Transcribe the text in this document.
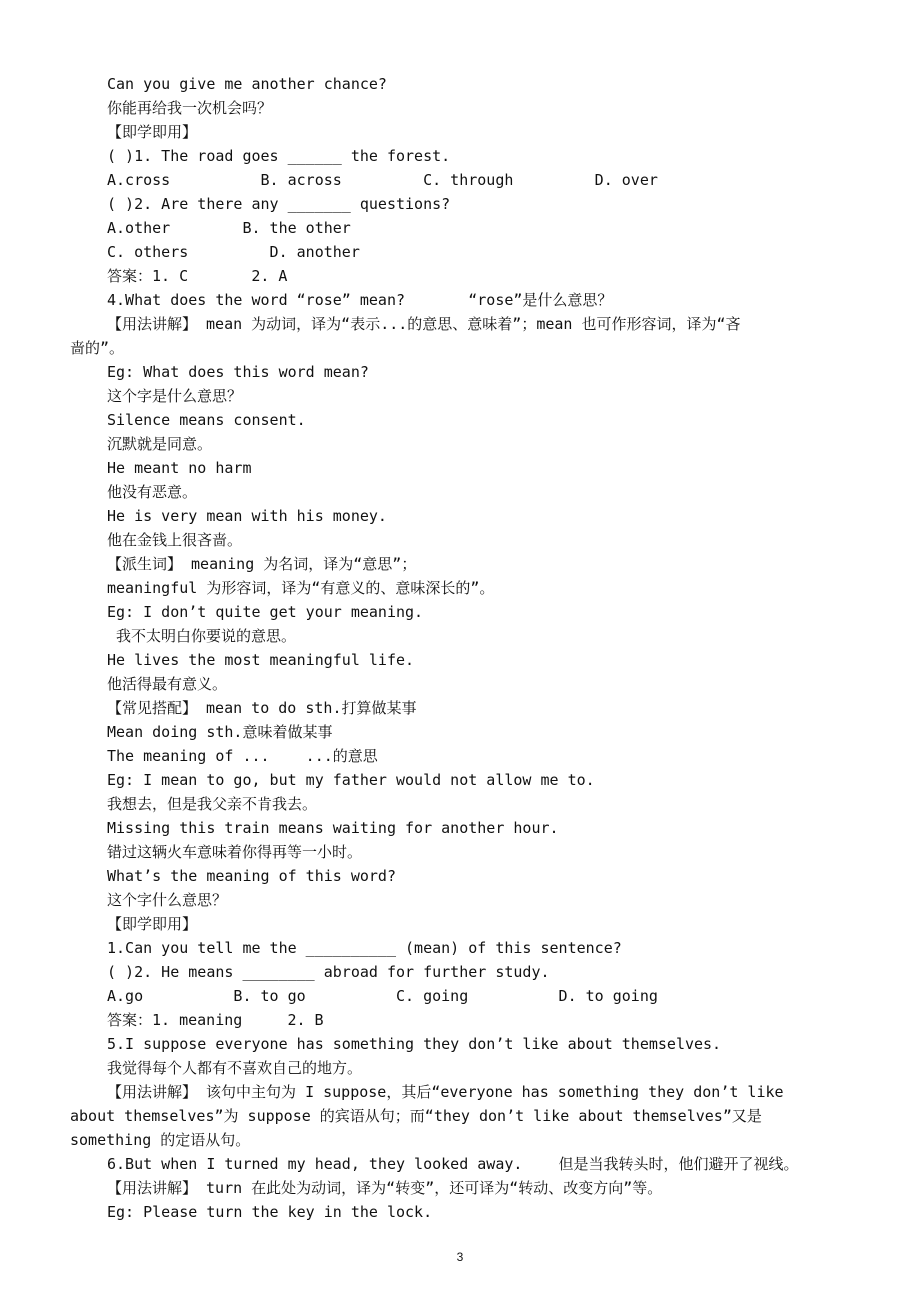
Can you give me another chance?
你能再给我一次机会吗？
【即学即用】
( )1. The road goes ______ the forest.
A.cross          B. across         C. through         D. over
( )2. Are there any _______ questions?
A.other        B. the other
C. others         D. another
答案：1. C       2. A
4.What does the word “rose” mean?       “rose”是什么意思？
【用法讲解】 mean 为动词，译为“表示...的意思、意味着”；mean 也可作形容词，译为“吝
啬的”。
Eg: What does this word mean?
这个字是什么意思？
Silence means consent.
沉默就是同意。
He meant no harm
他没有恶意。
He is very mean with his money.
他在金钱上很吝啬。
【派生词】 meaning 为名词，译为“意思”；
meaningful 为形容词，译为“有意义的、意味深长的”。
Eg: I don’t quite get your meaning.
我不太明白你要说的意思。
He lives the most meaningful life.
他活得最有意义。
【常见搭配】 mean to do sth.打算做某事
Mean doing sth.意味着做某事
The meaning of ...    ...的意思
Eg: I mean to go, but my father would not allow me to.
我想去，但是我父亲不肯我去。
Missing this train means waiting for another hour.
错过这辆火车意味着你得再等一小时。
What’s the meaning of this word?
这个字什么意思？
【即学即用】
1.Can you tell me the __________ (mean) of this sentence?
( )2. He means ________ abroad for further study.
A.go          B. to go          C. going          D. to going
答案：1. meaning     2. B
5.I suppose everyone has something they don’t like about themselves.
我觉得每个人都有不喜欢自己的地方。
【用法讲解】 该句中主句为 I suppose，其后“everyone has something they don’t like
about themselves”为 suppose 的宾语从句；而“they don’t like about themselves”又是
something 的定语从句。
6.But when I turned my head, they looked away.    但是当我转头时，他们避开了视线。
【用法讲解】 turn 在此处为动词，译为“转变”，还可译为“转动、改变方向”等。
Eg: Please turn the key in the lock.
3
